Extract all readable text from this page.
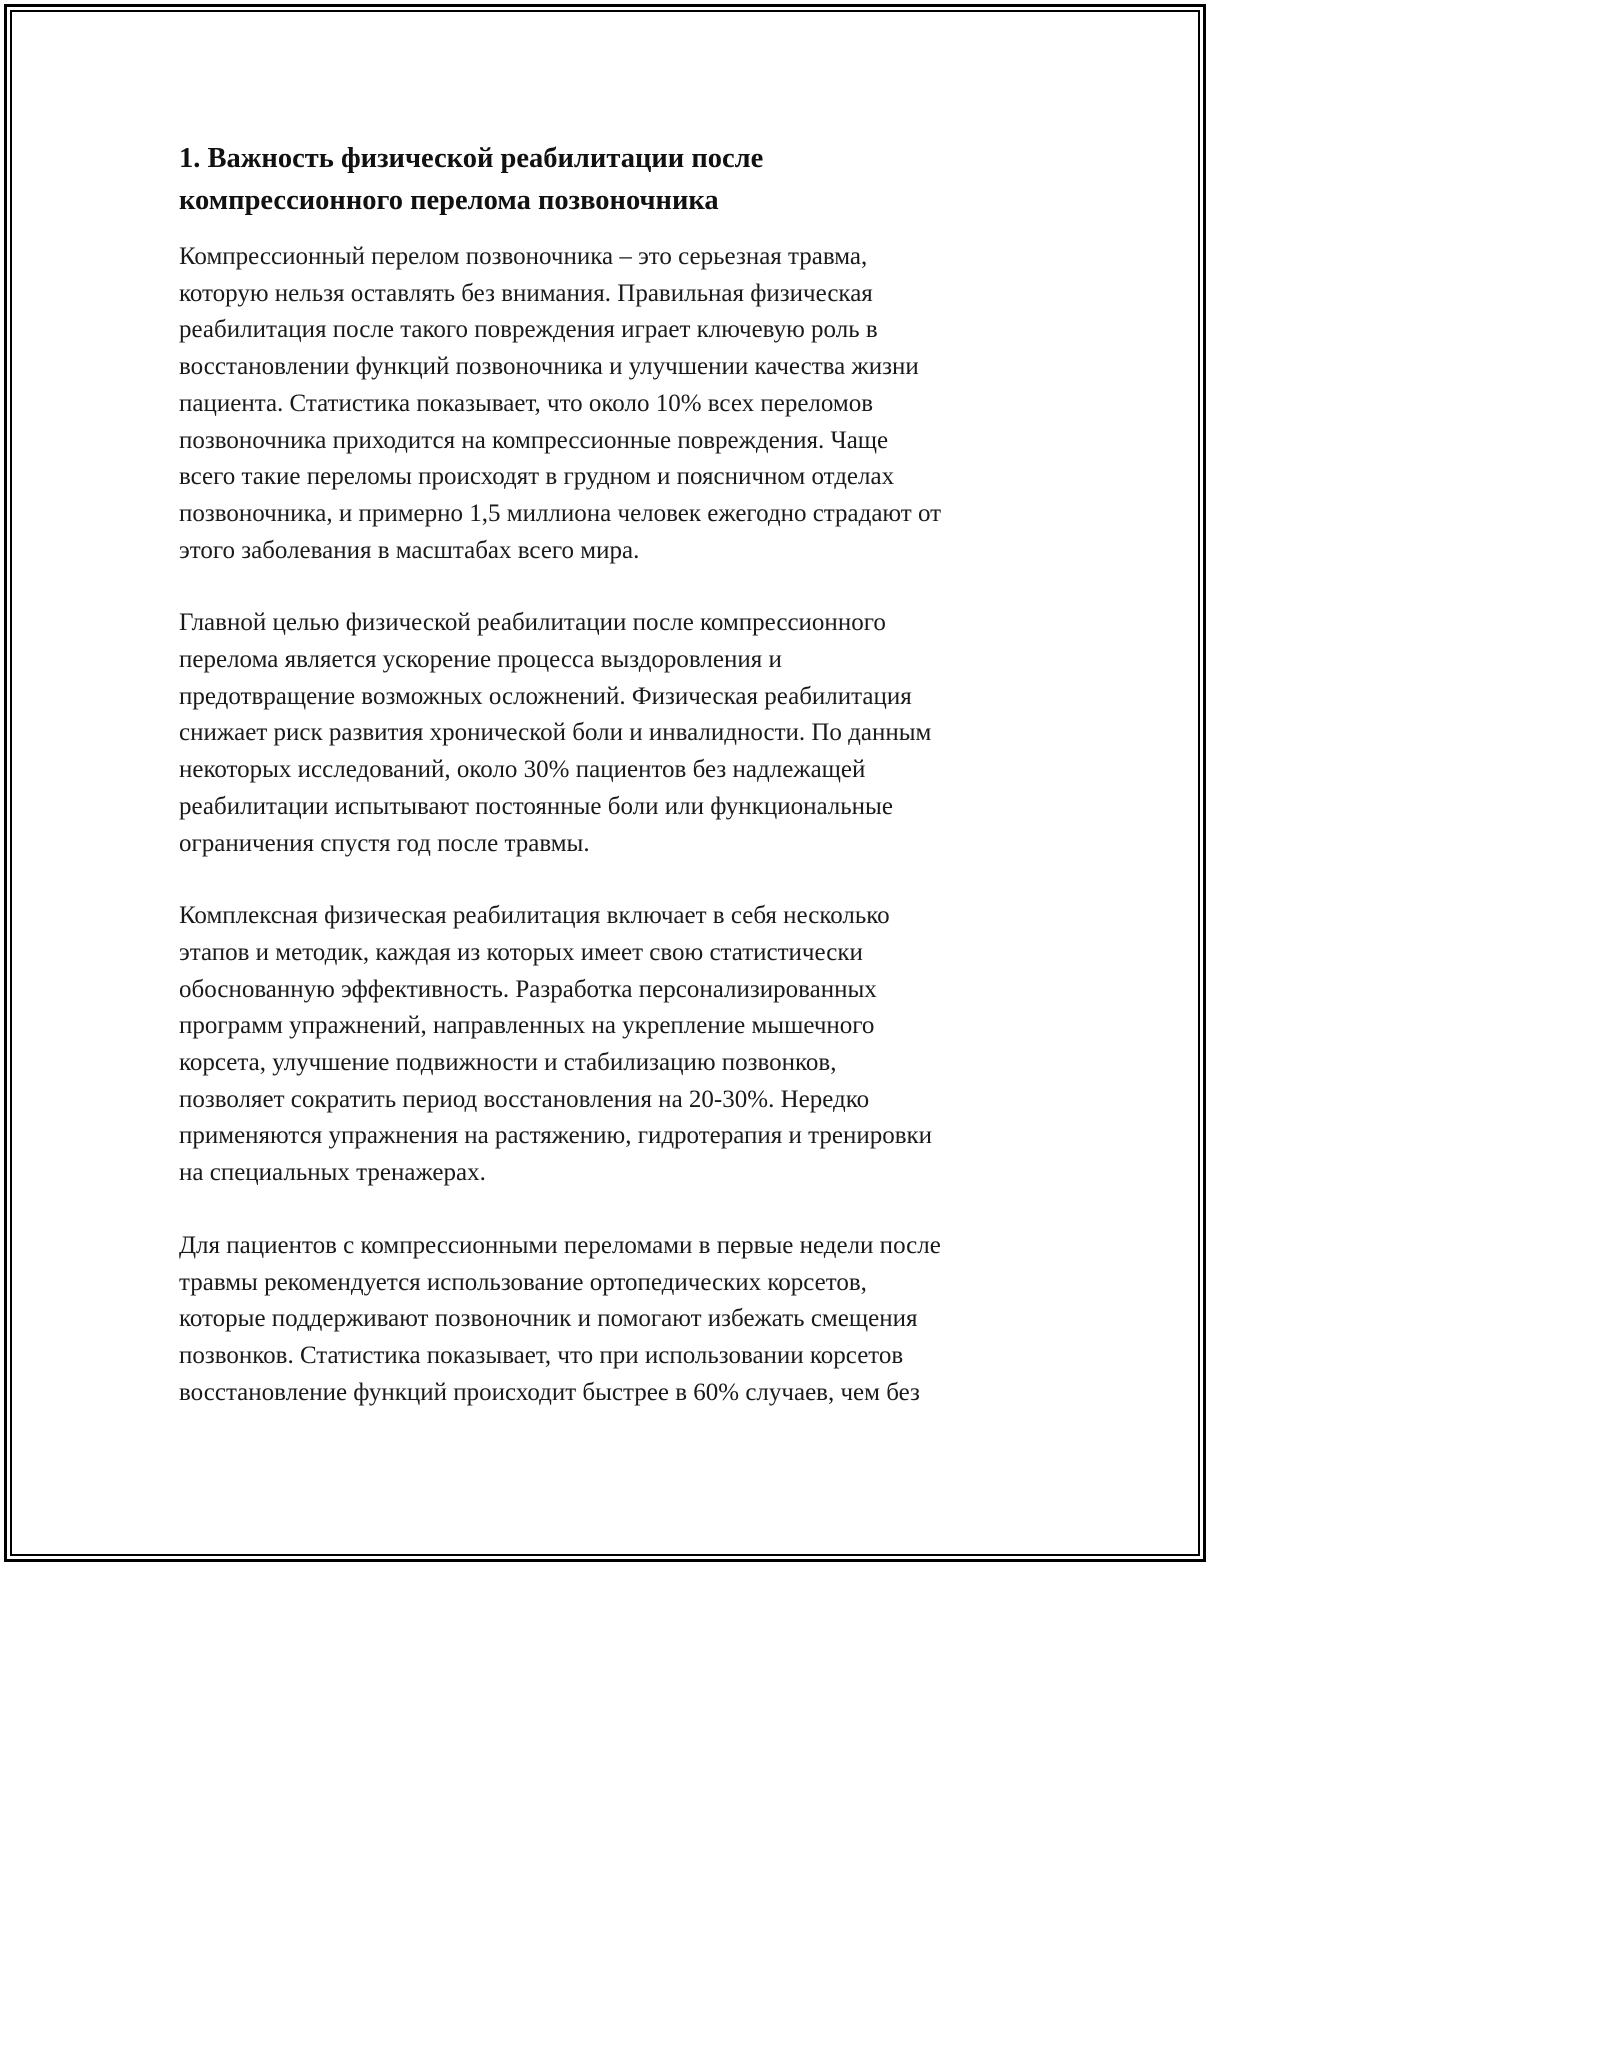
1. Важность физической реабилитации после
компрессионного перелома позвоночника

Компрессионный перелом позвоночника – это серьезная травма,
которую нельзя оставлять без внимания. Правильная физическая
реабилитация после такого повреждения играет ключевую роль в
восстановлении функций позвоночника и улучшении качества жизни
пациента. Статистика показывает, что около 10% всех переломов
позвоночника приходится на компрессионные повреждения. Чаще
всего такие переломы происходят в грудном и поясничном отделах
позвоночника, и примерно 1,5 миллиона человек ежегодно страдают от
этого заболевания в масштабах всего мира.

Главной целью физической реабилитации после компрессионного
перелома является ускорение процесса выздоровления и
предотвращение возможных осложнений. Физическая реабилитация
снижает риск развития хронической боли и инвалидности. По данным
некоторых исследований, около 30% пациентов без надлежащей
реабилитации испытывают постоянные боли или функциональные
ограничения спустя год после травмы.

Комплексная физическая реабилитация включает в себя несколько
этапов и методик, каждая из которых имеет свою статистически
обоснованную эффективность. Разработка персонализированных
программ упражнений, направленных на укрепление мышечного
корсета, улучшение подвижности и стабилизацию позвонков,
позволяет сократить период восстановления на 20-30%. Нередко
применяются упражнения на растяжению, гидротерапия и тренировки
на специальных тренажерах.

Для пациентов с компрессионными переломами в первые недели после
травмы рекомендуется использование ортопедических корсетов,
которые поддерживают позвоночник и помогают избежать смещения
позвонков. Статистика показывает, что при использовании корсетов
восстановление функций происходит быстрее в 60% случаев, чем без
